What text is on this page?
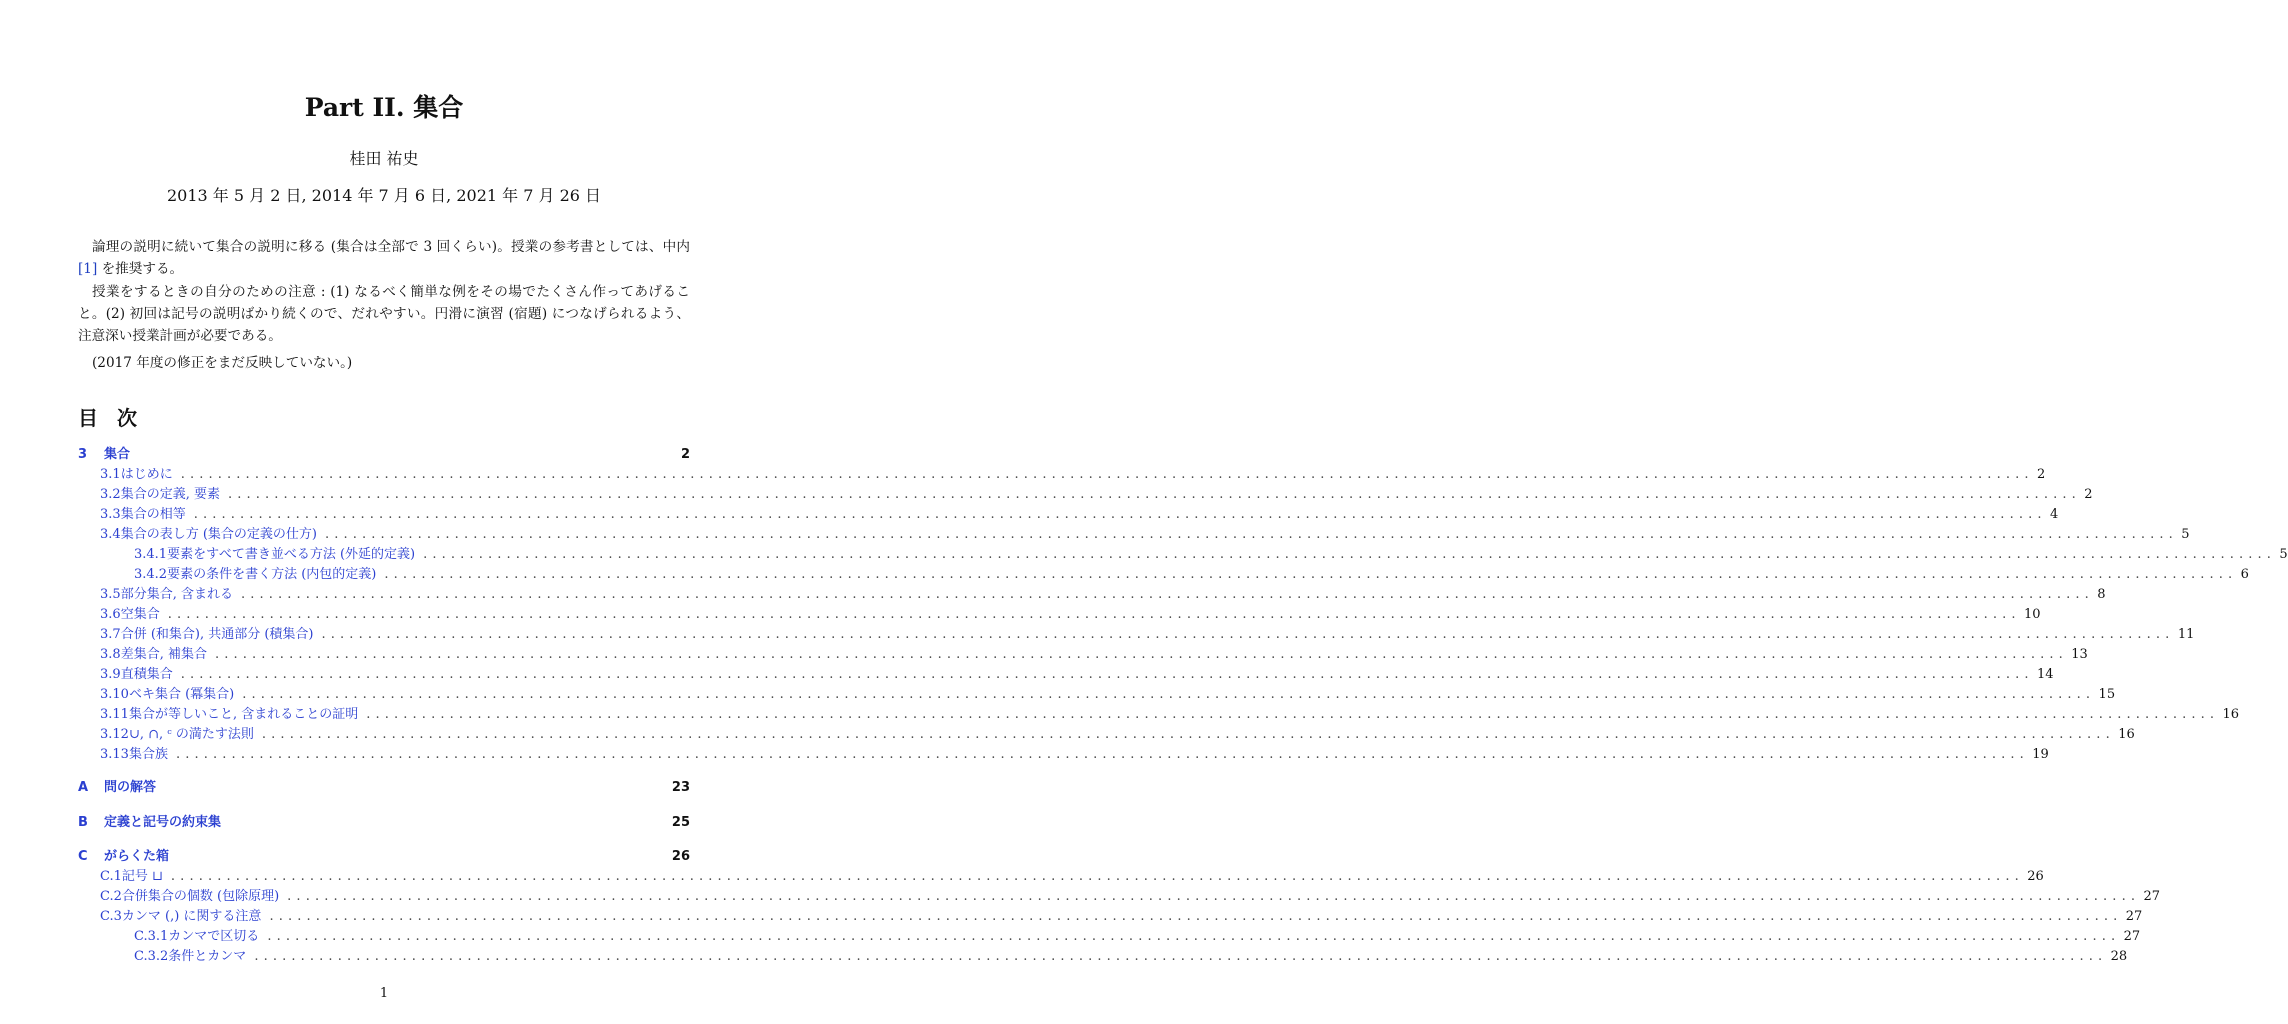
Part II. 集合
桂田 祐史
2013 年 5 月 2 日, 2014 年 7 月 6 日, 2021 年 7 月 26 日

論理の説明に続いて集合の説明に移る (集合は全部で 3 回くらい)。授業の参考書としては、中内 [1] を推奨する。

授業をするときの自分のための注意 : (1) なるべく簡単な例をその場でたくさん作ってあげること。(2) 初回は記号の説明ばかり続くので、だれやすい。円滑に演習 (宿題) につなげられるよう、注意深い授業計画が必要である。

(2017 年度の修正をまだ反映していない。)

目 次
3	集合	2
3.1 はじめに . . . . . . . . . . . . . . . . . . . . . . . . . . . . . . . . . . . . . . . . . . . . . . . . . . . . . . . . . . . . . . . . . . . . . . . . . . . . . . . . . . . . . . . . . . . . . . . . . . . . . . . . . . . . . . . . . . . . . . . . . . . . . . . . . . . . . . . . . . . . . . . . . . . . . . . . . . . . . . . . . . . . . . . . . . . . . . . . . . . . . . . . . . . . . . . . . . . . . . . . 2
3.2 集合の定義, 要素 . . . . . . . . . . . . . . . . . . . . . . . . . . . . . . . . . . . . . . . . . . . . . . . . . . . . . . . . . . . . . . . . . . . . . . . . . . . . . . . . . . . . . . . . . . . . . . . . . . . . . . . . . . . . . . . . . . . . . . . . . . . . . . . . . . . . . . . . . . . . . . . . . . . . . . . . . . . . . . . . . . . . . . . . . . . . . . . . . . . . . . . . . . . . . . . . . . . . . . . . 2
3.3 集合の相等 . . . . . . . . . . . . . . . . . . . . . . . . . . . . . . . . . . . . . . . . . . . . . . . . . . . . . . . . . . . . . . . . . . . . . . . . . . . . . . . . . . . . . . . . . . . . . . . . . . . . . . . . . . . . . . . . . . . . . . . . . . . . . . . . . . . . . . . . . . . . . . . . . . . . . . . . . . . . . . . . . . . . . . . . . . . . . . . . . . . . . . . . . . . . . . . . . . . . . . . . 4
3.4 集合の表し方 (集合の定義の仕方) . . . . . . . . . . . . . . . . . . . . . . . . . . . . . . . . . . . . . . . . . . . . . . . . . . . . . . . . . . . . . . . . . . . . . . . . . . . . . . . . . . . . . . . . . . . . . . . . . . . . . . . . . . . . . . . . . . . . . . . . . . . . . . . . . . . . . . . . . . . . . . . . . . . . . . . . . . . . . . . . . . . . . . . . . . . . . . . . . . . . . . . . . . . . . . . . . . . . . . . . 5
3.4.1 要素をすべて書き並べる方法 (外延的定義) . . . . . . . . . . . . . . . . . . . . . . . . . . . . . . . . . . . . . . . . . . . . . . . . . . . . . . . . . . . . . . . . . . . . . . . . . . . . . . . . . . . . . . . . . . . . . . . . . . . . . . . . . . . . . . . . . . . . . . . . . . . . . . . . . . . . . . . . . . . . . . . . . . . . . . . . . . . . . . . . . . . . . . . . . . . . . . . . . . . . . . . . . . . . . . . . . . . . . . . . 5
3.4.2 要素の条件を書く方法 (内包的定義) . . . . . . . . . . . . . . . . . . . . . . . . . . . . . . . . . . . . . . . . . . . . . . . . . . . . . . . . . . . . . . . . . . . . . . . . . . . . . . . . . . . . . . . . . . . . . . . . . . . . . . . . . . . . . . . . . . . . . . . . . . . . . . . . . . . . . . . . . . . . . . . . . . . . . . . . . . . . . . . . . . . . . . . . . . . . . . . . . . . . . . . . . . . . . . . . . . . . . . . . 6
3.5 部分集合, 含まれる . . . . . . . . . . . . . . . . . . . . . . . . . . . . . . . . . . . . . . . . . . . . . . . . . . . . . . . . . . . . . . . . . . . . . . . . . . . . . . . . . . . . . . . . . . . . . . . . . . . . . . . . . . . . . . . . . . . . . . . . . . . . . . . . . . . . . . . . . . . . . . . . . . . . . . . . . . . . . . . . . . . . . . . . . . . . . . . . . . . . . . . . . . . . . . . . . . . . . . . . 8
3.6 空集合 . . . . . . . . . . . . . . . . . . . . . . . . . . . . . . . . . . . . . . . . . . . . . . . . . . . . . . . . . . . . . . . . . . . . . . . . . . . . . . . . . . . . . . . . . . . . . . . . . . . . . . . . . . . . . . . . . . . . . . . . . . . . . . . . . . . . . . . . . . . . . . . . . . . . . . . . . . . . . . . . . . . . . . . . . . . . . . . . . . . . . . . . . . . . . . . . . . . . . . . . 10
3.7 合併 (和集合), 共通部分 (積集合) . . . . . . . . . . . . . . . . . . . . . . . . . . . . . . . . . . . . . . . . . . . . . . . . . . . . . . . . . . . . . . . . . . . . . . . . . . . . . . . . . . . . . . . . . . . . . . . . . . . . . . . . . . . . . . . . . . . . . . . . . . . . . . . . . . . . . . . . . . . . . . . . . . . . . . . . . . . . . . . . . . . . . . . . . . . . . . . . . . . . . . . . . . . . . . . . . . . . . . . . 11
3.8 差集合, 補集合 . . . . . . . . . . . . . . . . . . . . . . . . . . . . . . . . . . . . . . . . . . . . . . . . . . . . . . . . . . . . . . . . . . . . . . . . . . . . . . . . . . . . . . . . . . . . . . . . . . . . . . . . . . . . . . . . . . . . . . . . . . . . . . . . . . . . . . . . . . . . . . . . . . . . . . . . . . . . . . . . . . . . . . . . . . . . . . . . . . . . . . . . . . . . . . . . . . . . . . . . 13
3.9 直積集合 . . . . . . . . . . . . . . . . . . . . . . . . . . . . . . . . . . . . . . . . . . . . . . . . . . . . . . . . . . . . . . . . . . . . . . . . . . . . . . . . . . . . . . . . . . . . . . . . . . . . . . . . . . . . . . . . . . . . . . . . . . . . . . . . . . . . . . . . . . . . . . . . . . . . . . . . . . . . . . . . . . . . . . . . . . . . . . . . . . . . . . . . . . . . . . . . . . . . . . . . 14
3.10 ベキ集合 (冪集合) . . . . . . . . . . . . . . . . . . . . . . . . . . . . . . . . . . . . . . . . . . . . . . . . . . . . . . . . . . . . . . . . . . . . . . . . . . . . . . . . . . . . . . . . . . . . . . . . . . . . . . . . . . . . . . . . . . . . . . . . . . . . . . . . . . . . . . . . . . . . . . . . . . . . . . . . . . . . . . . . . . . . . . . . . . . . . . . . . . . . . . . . . . . . . . . . . . . . . . . . 15
3.11 集合が等しいこと, 含まれることの証明 . . . . . . . . . . . . . . . . . . . . . . . . . . . . . . . . . . . . . . . . . . . . . . . . . . . . . . . . . . . . . . . . . . . . . . . . . . . . . . . . . . . . . . . . . . . . . . . . . . . . . . . . . . . . . . . . . . . . . . . . . . . . . . . . . . . . . . . . . . . . . . . . . . . . . . . . . . . . . . . . . . . . . . . . . . . . . . . . . . . . . . . . . . . . . . . . . . . . . . . . 16
3.12 ∪, ∩, ᶜ の満たす法則 . . . . . . . . . . . . . . . . . . . . . . . . . . . . . . . . . . . . . . . . . . . . . . . . . . . . . . . . . . . . . . . . . . . . . . . . . . . . . . . . . . . . . . . . . . . . . . . . . . . . . . . . . . . . . . . . . . . . . . . . . . . . . . . . . . . . . . . . . . . . . . . . . . . . . . . . . . . . . . . . . . . . . . . . . . . . . . . . . . . . . . . . . . . . . . . . . . . . . . . . 16
3.13 集合族 . . . . . . . . . . . . . . . . . . . . . . . . . . . . . . . . . . . . . . . . . . . . . . . . . . . . . . . . . . . . . . . . . . . . . . . . . . . . . . . . . . . . . . . . . . . . . . . . . . . . . . . . . . . . . . . . . . . . . . . . . . . . . . . . . . . . . . . . . . . . . . . . . . . . . . . . . . . . . . . . . . . . . . . . . . . . . . . . . . . . . . . . . . . . . . . . . . . . . . . . 19
A	問の解答	23
B	定義と記号の約束集	25
C	がらくた箱	26
C.1 記号 ⊔ . . . . . . . . . . . . . . . . . . . . . . . . . . . . . . . . . . . . . . . . . . . . . . . . . . . . . . . . . . . . . . . . . . . . . . . . . . . . . . . . . . . . . . . . . . . . . . . . . . . . . . . . . . . . . . . . . . . . . . . . . . . . . . . . . . . . . . . . . . . . . . . . . . . . . . . . . . . . . . . . . . . . . . . . . . . . . . . . . . . . . . . . . . . . . . . . . . . . . . . . 26
C.2 合併集合の個数 (包除原理) . . . . . . . . . . . . . . . . . . . . . . . . . . . . . . . . . . . . . . . . . . . . . . . . . . . . . . . . . . . . . . . . . . . . . . . . . . . . . . . . . . . . . . . . . . . . . . . . . . . . . . . . . . . . . . . . . . . . . . . . . . . . . . . . . . . . . . . . . . . . . . . . . . . . . . . . . . . . . . . . . . . . . . . . . . . . . . . . . . . . . . . . . . . . . . . . . . . . . . . . 27
C.3 カンマ (,) に関する注意 . . . . . . . . . . . . . . . . . . . . . . . . . . . . . . . . . . . . . . . . . . . . . . . . . . . . . . . . . . . . . . . . . . . . . . . . . . . . . . . . . . . . . . . . . . . . . . . . . . . . . . . . . . . . . . . . . . . . . . . . . . . . . . . . . . . . . . . . . . . . . . . . . . . . . . . . . . . . . . . . . . . . . . . . . . . . . . . . . . . . . . . . . . . . . . . . . . . . . . . . 27
C.3.1 カンマで区切る . . . . . . . . . . . . . . . . . . . . . . . . . . . . . . . . . . . . . . . . . . . . . . . . . . . . . . . . . . . . . . . . . . . . . . . . . . . . . . . . . . . . . . . . . . . . . . . . . . . . . . . . . . . . . . . . . . . . . . . . . . . . . . . . . . . . . . . . . . . . . . . . . . . . . . . . . . . . . . . . . . . . . . . . . . . . . . . . . . . . . . . . . . . . . . . . . . . . . . . . 27
C.3.2 条件とカンマ . . . . . . . . . . . . . . . . . . . . . . . . . . . . . . . . . . . . . . . . . . . . . . . . . . . . . . . . . . . . . . . . . . . . . . . . . . . . . . . . . . . . . . . . . . . . . . . . . . . . . . . . . . . . . . . . . . . . . . . . . . . . . . . . . . . . . . . . . . . . . . . . . . . . . . . . . . . . . . . . . . . . . . . . . . . . . . . . . . . . . . . . . . . . . . . . . . . . . . . . 28
1
